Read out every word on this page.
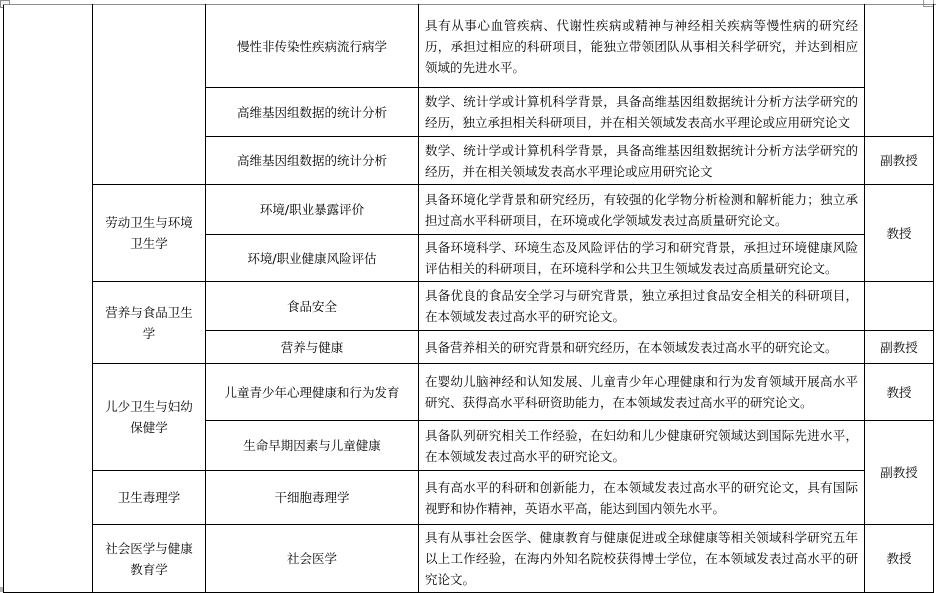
		慢性非传染性疾病流行病学	具有从事心血管疾病、代谢性疾病或精神与神经相关疾病等慢性病的研究经历，承担过相应的科研项目，能独立带领团队从事相关科学研究，并达到相应领域的先进水平。	
		高维基因组数据的统计分析	数学、统计学或计算机科学背景，具备高维基因组数据统计分析方法学研究的经历，独立承担相关科研项目，并在相关领域发表高水平理论或应用研究论文	
		高维基因组数据的统计分析	数学、统计学或计算机科学背景，具备高维基因组数据统计分析方法学研究的经历，并在相关领域发表高水平理论或应用研究论文	副教授
	劳动卫生与环境卫生学	环境/职业暴露评价	具备环境化学背景和研究经历，有较强的化学物分析检测和解析能力；独立承担过高水平科研项目，在环境或化学领域发表过高质量研究论文。	教授
		环境/职业健康风险评估	具备环境科学、环境生态及风险评估的学习和研究背景，承担过环境健康风险评估相关的科研项目，在环境科学和公共卫生领域发表过高质量研究论文。	
	营养与食品卫生学	食品安全	具备优良的食品安全学习与研究背景，独立承担过食品安全相关的科研项目，在本领域发表过高水平的研究论文。	
		营养与健康	具备营养相关的研究背景和研究经历，在本领域发表过高水平的研究论文。	副教授
	儿少卫生与妇幼保健学	儿童青少年心理健康和行为发育	在婴幼儿脑神经和认知发展、儿童青少年心理健康和行为发育领域开展高水平研究、获得高水平科研资助能力，在本领域发表过高水平的研究论文。	教授
		生命早期因素与儿童健康	具备队列研究相关工作经验，在妇幼和儿少健康研究领域达到国际先进水平，在本领域发表过高水平的研究论文。	副教授
	卫生毒理学	干细胞毒理学	具有高水平的科研和创新能力，在本领域发表过高水平的研究论文，具有国际视野和协作精神，英语水平高，能达到国内领先水平。	
	社会医学与健康教育学	社会医学	具有从事社会医学、健康教育与健康促进或全球健康等相关领域科学研究五年以上工作经验，在海内外知名院校获得博士学位，在本领域发表过高水平的研究论文。	教授
